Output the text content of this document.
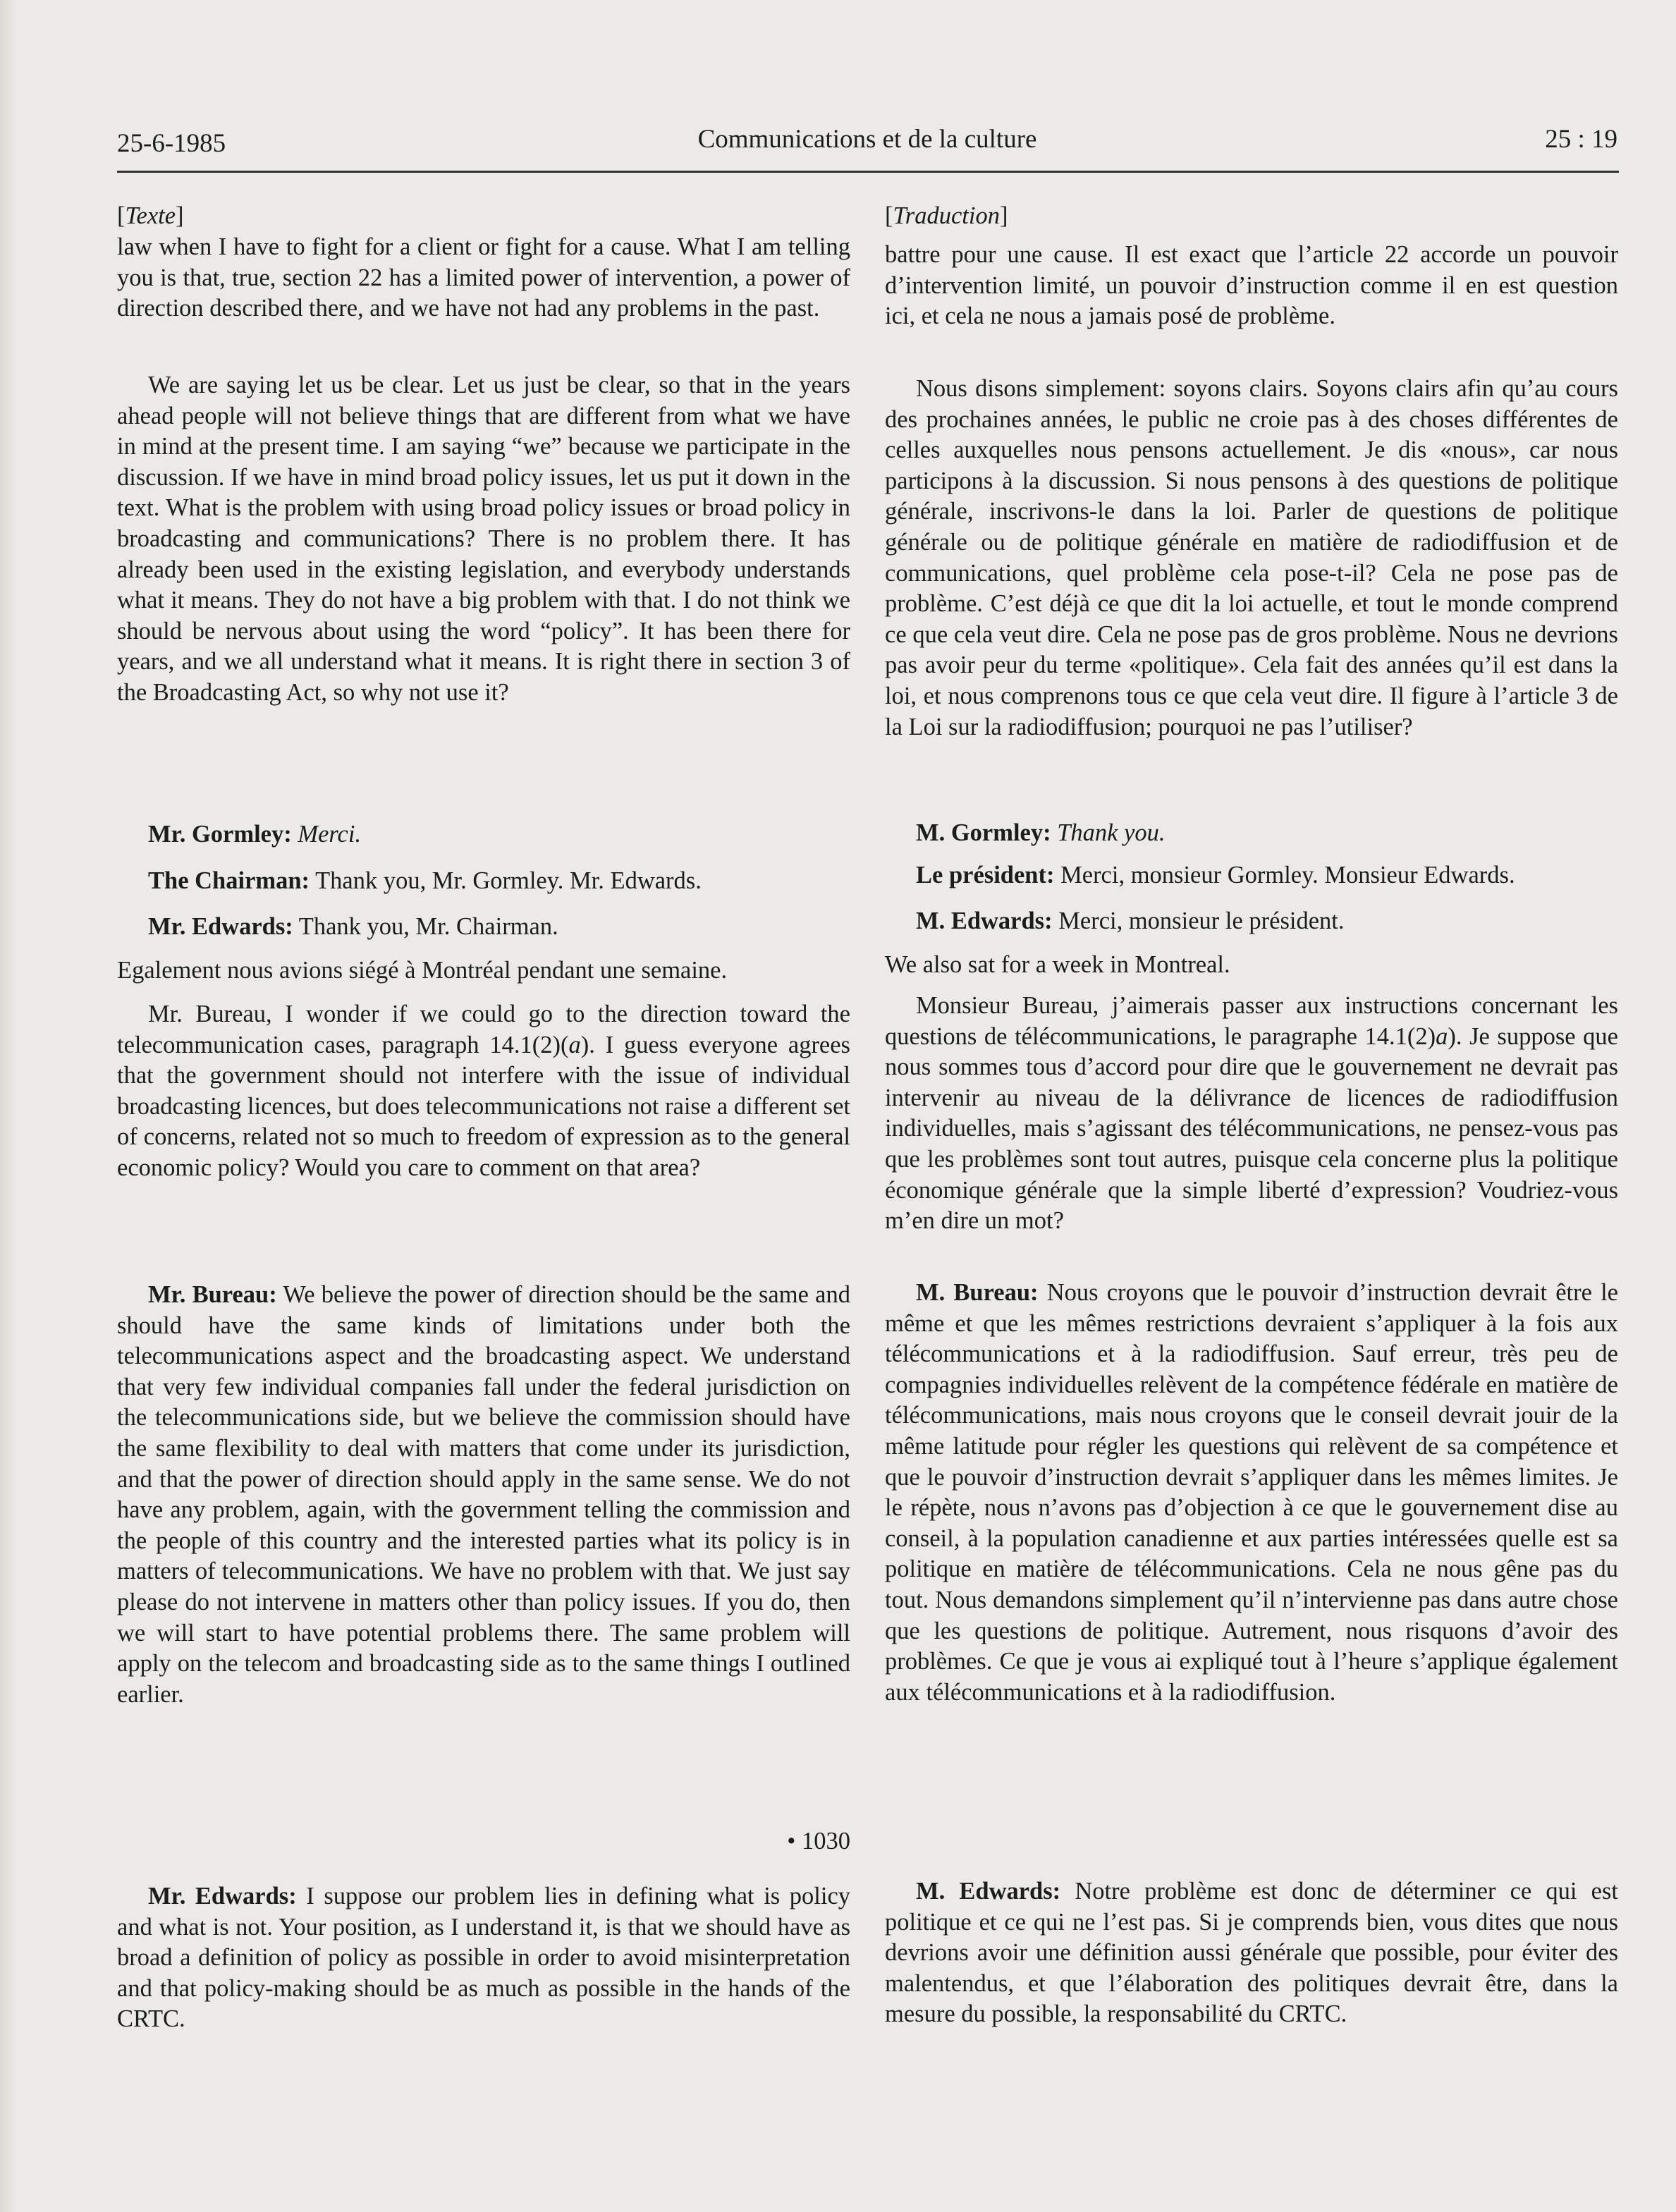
25-6-1985	Communications et de la culture	25 : 19

[Texte]

law when I have to fight for a client or fight for a cause. What I am telling you is that, true, section 22 has a limited power of intervention, a power of direction described there, and we have not had any problems in the past.

We are saying let us be clear. Let us just be clear, so that in the years ahead people will not believe things that are different from what we have in mind at the present time. I am saying “we” because we participate in the discussion. If we have in mind broad policy issues, let us put it down in the text. What is the problem with using broad policy issues or broad policy in broadcasting and communications? There is no problem there. It has already been used in the existing legislation, and everybody understands what it means. They do not have a big problem with that. I do not think we should be nervous about using the word “policy”. It has been there for years, and we all understand what it means. It is right there in section 3 of the Broadcasting Act, so why not use it?

Mr. Gormley: Merci.

The Chairman: Thank you, Mr. Gormley. Mr. Edwards.

Mr. Edwards: Thank you, Mr. Chairman.

Egalement nous avions siégé à Montréal pendant une semaine.

Mr. Bureau, I wonder if we could go to the direction toward the telecommunication cases, paragraph 14.1(2)(a). I guess everyone agrees that the government should not interfere with the issue of individual broadcasting licences, but does telecommunications not raise a different set of concerns, related not so much to freedom of expression as to the general economic policy? Would you care to comment on that area?

Mr. Bureau: We believe the power of direction should be the same and should have the same kinds of limitations under both the telecommunications aspect and the broadcasting aspect. We understand that very few individual companies fall under the federal jurisdiction on the telecommunications side, but we believe the commission should have the same flexibility to deal with matters that come under its jurisdiction, and that the power of direction should apply in the same sense. We do not have any problem, again, with the government telling the commission and the people of this country and the interested parties what its policy is in matters of telecommunications. We have no problem with that. We just say please do not intervene in matters other than policy issues. If you do, then we will start to have potential problems there. The same problem will apply on the telecom and broadcasting side as to the same things I outlined earlier.

• 1030

Mr. Edwards: I suppose our problem lies in defining what is policy and what is not. Your position, as I understand it, is that we should have as broad a definition of policy as possible in order to avoid misinterpretation and that policy-making should be as much as possible in the hands of the CRTC.

[Traduction]

battre pour une cause. Il est exact que l’article 22 accorde un pouvoir d’intervention limité, un pouvoir d’instruction comme il en est question ici, et cela ne nous a jamais posé de problème.

Nous disons simplement: soyons clairs. Soyons clairs afin qu’au cours des prochaines années, le public ne croie pas à des choses différentes de celles auxquelles nous pensons actuellement. Je dis «nous», car nous participons à la discussion. Si nous pensons à des questions de politique générale, inscrivons-le dans la loi. Parler de questions de politique générale ou de politique générale en matière de radiodiffusion et de communications, quel problème cela pose-t-il? Cela ne pose pas de problème. C’est déjà ce que dit la loi actuelle, et tout le monde comprend ce que cela veut dire. Cela ne pose pas de gros problème. Nous ne devrions pas avoir peur du terme «politique». Cela fait des années qu’il est dans la loi, et nous comprenons tous ce que cela veut dire. Il figure à l’article 3 de la Loi sur la radiodiffusion; pourquoi ne pas l’utiliser?

M. Gormley: Thank you.

Le président: Merci, monsieur Gormley. Monsieur Edwards.

M. Edwards: Merci, monsieur le président.

We also sat for a week in Montreal.

Monsieur Bureau, j’aimerais passer aux instructions concernant les questions de télécommunications, le paragraphe 14.1(2)a). Je suppose que nous sommes tous d’accord pour dire que le gouvernement ne devrait pas intervenir au niveau de la délivrance de licences de radiodiffusion individuelles, mais s’agissant des télécommunications, ne pensez-vous pas que les problèmes sont tout autres, puisque cela concerne plus la politique économique générale que la simple liberté d’expression? Voudriez-vous m’en dire un mot?

M. Bureau: Nous croyons que le pouvoir d’instruction devrait être le même et que les mêmes restrictions devraient s’appliquer à la fois aux télécommunications et à la radiodiffusion. Sauf erreur, très peu de compagnies individuelles relèvent de la compétence fédérale en matière de télécommunications, mais nous croyons que le conseil devrait jouir de la même latitude pour régler les questions qui relèvent de sa compétence et que le pouvoir d’instruction devrait s’appliquer dans les mêmes limites. Je le répète, nous n’avons pas d’objection à ce que le gouvernement dise au conseil, à la population canadienne et aux parties intéressées quelle est sa politique en matière de télécommunications. Cela ne nous gêne pas du tout. Nous demandons simplement qu’il n’intervienne pas dans autre chose que les questions de politique. Autrement, nous risquons d’avoir des problèmes. Ce que je vous ai expliqué tout à l’heure s’applique également aux télécommunications et à la radiodiffusion.

M. Edwards: Notre problème est donc de déterminer ce qui est politique et ce qui ne l’est pas. Si je comprends bien, vous dites que nous devrions avoir une définition aussi générale que possible, pour éviter des malentendus, et que l’élaboration des politiques devrait être, dans la mesure du possible, la responsabilité du CRTC.
